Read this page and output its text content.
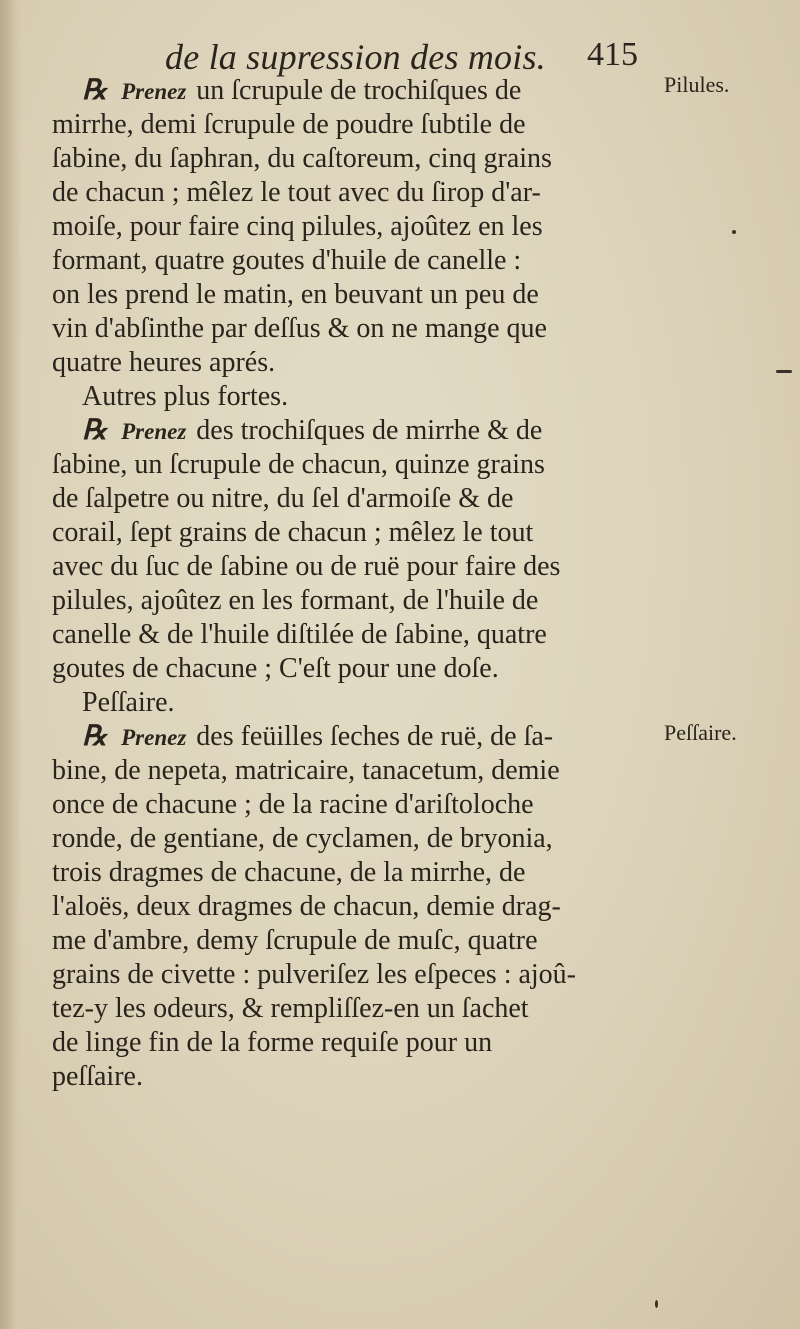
de la supression des mois. 415
Pilules.
Peſſaire.
℞ Prenez un ſcrupule de trochiſques de
mirrhe, demi ſcrupule de poudre ſubtile de
ſabine, du ſaphran, du caſtoreum, cinq grains
de chacun ; mêlez le tout avec du ſirop d'ar-
moiſe, pour faire cinq pilules, ajoûtez en les
formant, quatre goutes d'huile de canelle :
on les prend le matin, en beuvant un peu de
vin d'abſinthe par deſſus & on ne mange que
quatre heures aprés.
Autres plus fortes.
℞ Prenez des trochiſques de mirrhe & de
ſabine, un ſcrupule de chacun, quinze grains
de ſalpetre ou nitre, du ſel d'armoiſe & de
corail, ſept grains de chacun ; mêlez le tout
avec du ſuc de ſabine ou de ruë pour faire des
pilules, ajoûtez en les formant, de l'huile de
canelle & de l'huile diſtilée de ſabine, quatre
goutes de chacune ; C'eſt pour une doſe.
Peſſaire.
℞ Prenez des feüilles ſeches de ruë, de ſa-
bine, de nepeta, matricaire, tanacetum, demie
once de chacune ; de la racine d'ariſtoloche
ronde, de gentiane, de cyclamen, de bryonia,
trois dragmes de chacune, de la mirrhe, de
l'aloës, deux dragmes de chacun, demie drag-
me d'ambre, demy ſcrupule de muſc, quatre
grains de civette : pulveriſez les eſpeces : ajoû-
tez-y les odeurs, & rempliſſez-en un ſachet
de linge fin de la forme requiſe pour un
peſſaire.
